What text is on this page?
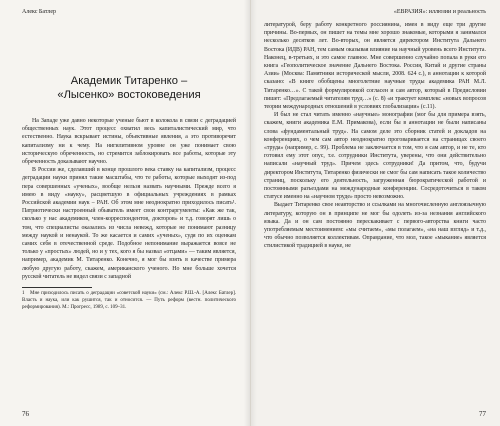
Алекс Батлер
Академик Титаренко –
«Лысенко» востоковедения

На Западе уже давно некоторые ученые бьют в колокола в связи с деградацией общественных наук. Этот процесс охватил весь капиталистический мир, что естественно. Наука вскрывает истины, объективные явления, а это противоречит капитализму ни к чему. На нигилитивном уровне он уже понимает свою историческую обреченность, но стремится заблокировать все работы, которые эту обреченность доказывают научно.

В России же, сделавший в конце прошлого века ставку на капитализм, процесс деградации науки принял такие масштабы, что те работы, которые выходят из-под пера совершенных «ученых», вообще нельзя назвать научными. Прежде всего я имею в виду «науку», расцветшую в официальных учреждениях в рамках Российской академии наук – РАН. Об этом мне неоднократно приходилось писать¹. Патриотически настроенный обыватель имеет свои контраргументы: «Как же так, сколько у нас академиков, член-корреспондентов, докторов» и т.д. говорят лишь о том, что специалисты оказались из числа невежд, которые не понимают разницу между наукой и ненаукой. То же касается и самих «ученых», судя по их оценкам самих себя в отечественной среде. Подобное непонимание выражается вовсе не только у «простых» людей, но и у тех, кого я бы назвал «отцами» — таким является, например, академик М. Титаренко. Конечно, я мог бы взять в качестве примера любую другую работу, скажем, американского ученого. Но мне больше хочется русской читатель не видел связи с западной

1 Мне приходилось писать о деградации «советской науки» (см.: Алекс Р.Ш.-А. [Алекс Батлер]. Власть и наука, или как рушится, так и относится. — Путь реформ (вестн. политического реформирования). М.: Прогресс, 1989, с. 109–31.
76
«ЕВРАЗИЯ»: иллюзии и реальность

литературой, беру работу конкретного россиянина, имея в виду еще три другие причины. Во-первых, он пишет на темы мне хорошо знакомые, которыми я занимался несколько десятков лет. Во-вторых, он является директором Института Дальнего Востока (ИДВ) РАН, тем самым оказывая влияние на научный уровень всего Института. Наконец, в-третьих, и это самое главное. Мне совершенно случайно попала в руки его книга «Геополитическое значение Дальнего Востока. Россия, Китай и другие страны Азии» (Москва: Памятники исторической мысли, 2008. 624 с.), в аннотации к которой сказано: «В книге обобщены многолетние научные труды академика РАН М.Л. Титаренко…». С такой формулировкой согласен и сам автор, который в Предисловии пишет: «Предлагаемый читателям труд…» (с. 8) «и трактует комплекс «новых вопросов теории международных отношений в условиях глобализации» (с.11).

И был не стал читать именно «научные» монографии (мог бы для примера взять, скажем, книги академика Е.М. Примакова), если бы в аннотации не были написаны слова «фундаментальный труд». На самом деле это сборник статей и докладов на конференциях, о чем сам автор неоднократно проговаривается на страницах своего «труда» (например, с. 99). Проблема не заключается в том, что я сам автор, и не те, кто готовил ему этот опус, т.е. сотрудники Института, уверены, что они действительно написали «научный труд». Причем здесь сотрудники! Да притом, что, будучи директором Института, Титаренко физически не смог бы сам написать такое количество страниц, поскольку его деятельность, загруженная бюрократической работой и постоянными разъездами на международные конференции. Сосредоточиться в таком статусе именно на «научном труде» просто невозможно.

Выдает Титаренко свое неавторство и ссылками на многочисленную англоязычную литературу, которую он в принципе не мог бы одолеть из-за незнания английского языка. Да и он сам постоянно перескакивает с первого-авторства книги часто употребляемым местоимением: «мы считаем», «мы полагаем», «на наш взгляд» и т.д., что обычно позволяется коллективам. Оправдание, что мол, такое «мыкание» является стилистикой традицией в науке, не

77
